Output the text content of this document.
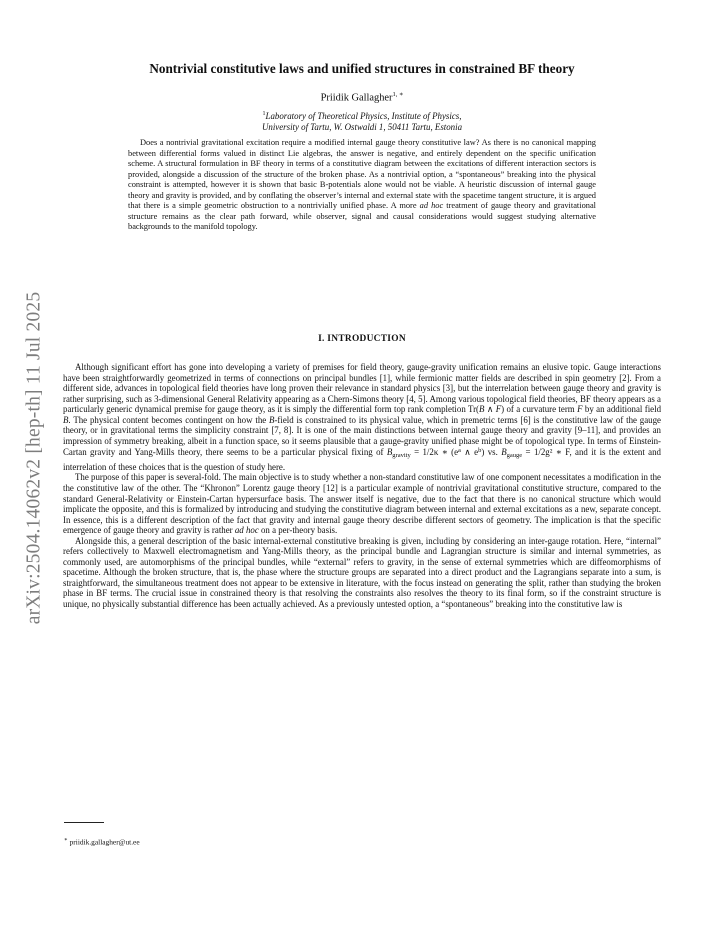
arXiv:2504.14062v2 [hep-th] 11 Jul 2025
Nontrivial constitutive laws and unified structures in constrained BF theory
Priidik Gallagher$^{1, ∗}$
$^1$Laboratory of Theoretical Physics, Institute of Physics,
University of Tartu, W. Ostwaldi 1, 50411 Tartu, Estonia
Does a nontrivial gravitational excitation require a modified internal gauge theory constitutive law? As there is no canonical mapping between differential forms valued in distinct Lie algebras, the answer is negative, and entirely dependent on the specific unification scheme. A structural formulation in BF theory in terms of a constitutive diagram between the excitations of different interaction sectors is provided, alongside a discussion of the structure of the broken phase. As a nontrivial option, a “spontaneous” breaking into the physical constraint is attempted, however it is shown that basic B-potentials alone would not be viable. A heuristic discussion of internal gauge theory and gravity is provided, and by conflating the observer’s internal and external state with the spacetime tangent structure, it is argued that there is a simple geometric obstruction to a nontrivially unified phase. A more ad hoc treatment of gauge theory and gravitational structure remains as the clear path forward, while observer, signal and causal considerations would suggest studying alternative backgrounds to the manifold topology.
I. INTRODUCTION

Although significant effort has gone into developing a variety of premises for field theory, gauge-gravity unification remains an elusive topic. Gauge interactions have been straightforwardly geometrized in terms of connections on principal bundles [1], while fermionic matter fields are described in spin geometry [2]. From a different side, advances in topological field theories have long proven their relevance in standard physics [3], but the interrelation between gauge theory and gravity is rather surprising, such as 3-dimensional General Relativity appearing as a Chern-Simons theory [4, 5]. Among various topological field theories, BF theory appears as a particularly generic dynamical premise for gauge theory, as it is simply the differential form top rank completion Tr(B ∧ F) of a curvature term F by an additional field B. The physical content becomes contingent on how the B-field is constrained to its physical value, which in premetric terms [6] is the constitutive law of the gauge theory, or in gravitational terms the simplicity constraint [7, 8]. It is one of the main distinctions between internal gauge theory and gravity [9–11], and provides an impression of symmetry breaking, albeit in a function space, so it seems plausible that a gauge-gravity unified phase might be of topological type. In terms of Einstein-Cartan gravity and Yang-Mills theory, there seems to be a particular physical fixing of $B_{gravity} = 1/2\kappa$ ∗ ($e^a$ ∧ $e^b$) vs. $B_{gauge} = 1/2g^2$ ∗ F, and it is the extent and interrelation of these choices that is the question of study here.

The purpose of this paper is several-fold. The main objective is to study whether a non-standard constitutive law of one component necessitates a modification in the the constitutive law of the other. The “Khronon” Lorentz gauge theory [12] is a particular example of nontrivial gravitational constitutive structure, compared to the standard General-Relativity or Einstein-Cartan hypersurface basis. The answer itself is negative, due to the fact that there is no canonical structure which would implicate the opposite, and this is formalized by introducing and studying the constitutive diagram between internal and external excitations as a new, separate concept. In essence, this is a different description of the fact that gravity and internal gauge theory describe different sectors of geometry. The implication is that the specific emergence of gauge theory and gravity is rather ad hoc on a per-theory basis.

Alongside this, a general description of the basic internal-external constitutive breaking is given, including by considering an inter-gauge rotation. Here, “internal” refers collectively to Maxwell electromagnetism and Yang-Mills theory, as the principal bundle and Lagrangian structure is similar and internal symmetries, as commonly used, are automorphisms of the principal bundles, while “external” refers to gravity, in the sense of external symmetries which are diffeomorphisms of spacetime. Although the broken structure, that is, the phase where the structure groups are separated into a direct product and the Lagrangians separate into a sum, is straightforward, the simultaneous treatment does not appear to be extensive in literature, with the focus instead on generating the split, rather than studying the broken phase in BF terms. The crucial issue in constrained theory is that resolving the constraints also resolves the theory to its final form, so if the constraint structure is unique, no physically substantial difference has been actually achieved. As a previously untested option, a “spontaneous” breaking into the constitutive law is

∗ priidik.gallagher@ut.ee
